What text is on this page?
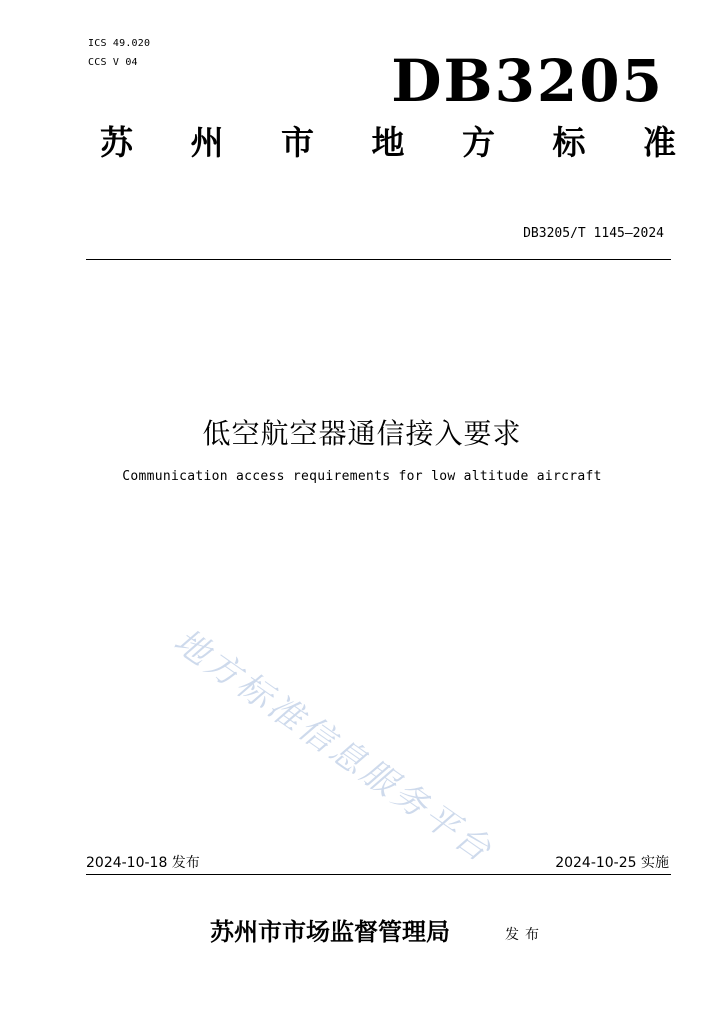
ICS 49.020
CCS V 04	DB3205
苏 州 市 地 方 标 准
DB3205/T 1145—2024
低空航空器通信接入要求
Communication access requirements for low altitude aircraft
地方标准信息服务平台
2024-10-18 发布	2024-10-25 实施
苏州市市场监督管理局	发布
